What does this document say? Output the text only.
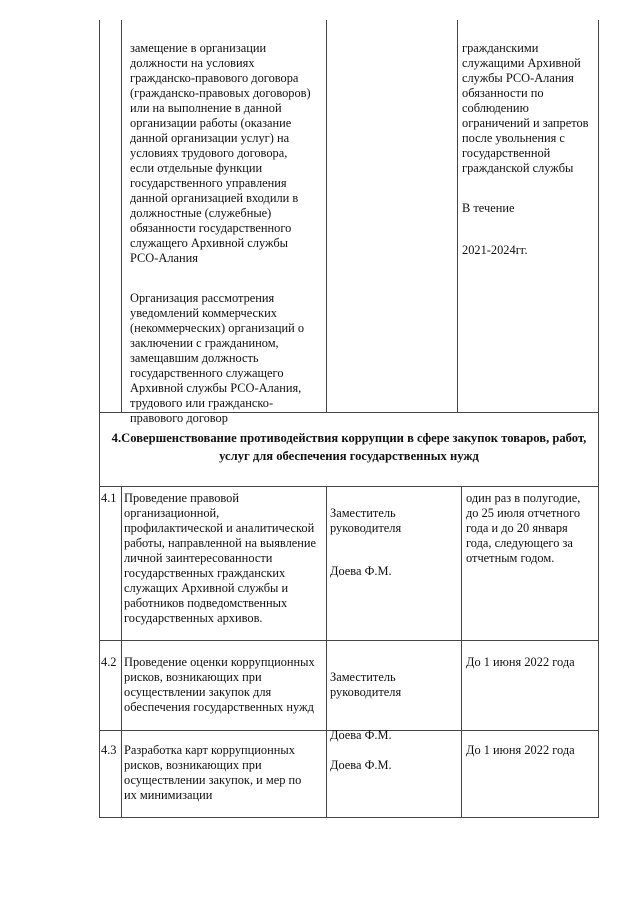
замещение в организации
должности на условиях
гражданско-правового договора
(гражданско-правовых договоров)
или на выполнение в данной
организации работы (оказание
данной организации услуг) на
условиях трудового договора,
если отдельные функции
государственного управления
данной организацией входили в
должностные (служебные)
обязанности государственного
служащего Архивной службы
РСО-Алания

Организация рассмотрения
уведомлений коммерческих
(некоммерческих) организаций о
заключении с гражданином,
замещавшим должность
государственного служащего
Архивной службы РСО-Алания,
трудового или гражданско-
правового договор

гражданскими
служащими Архивной
службы РСО-Алания
обязанности по
соблюдению
ограничений и запретов
после увольнения с
государственной
гражданской службы

В течение

2021-2024гг.

4.Совершенствование противодействия коррупции в сфере закупок товаров, работ,
услуг для обеспечения государственных нужд
4.1 Проведение правовой
организационной,
профилактической и аналитической
работы, направленной на выявление
личной заинтересованности
государственных гражданских
служащих Архивной службы и
работников подведомственных
государственных архивов.

Заместитель
руководителя

Доева Ф.М.

один раз в полугодие,
до 25 июля отчетного
года и до 20 января
года, следующего за
отчетным годом.
4.2 Проведение оценки коррупционных
рисков, возникающих при
осуществлении закупок для
обеспечения государственных нужд

Заместитель
руководителя

Доева Ф.М.

До 1 июня 2022 года
4.3 Разработка карт коррупционных
рисков, возникающих при
осуществлении закупок, и мер по
их минимизации

Доева Ф.М.

До 1 июня 2022 года
